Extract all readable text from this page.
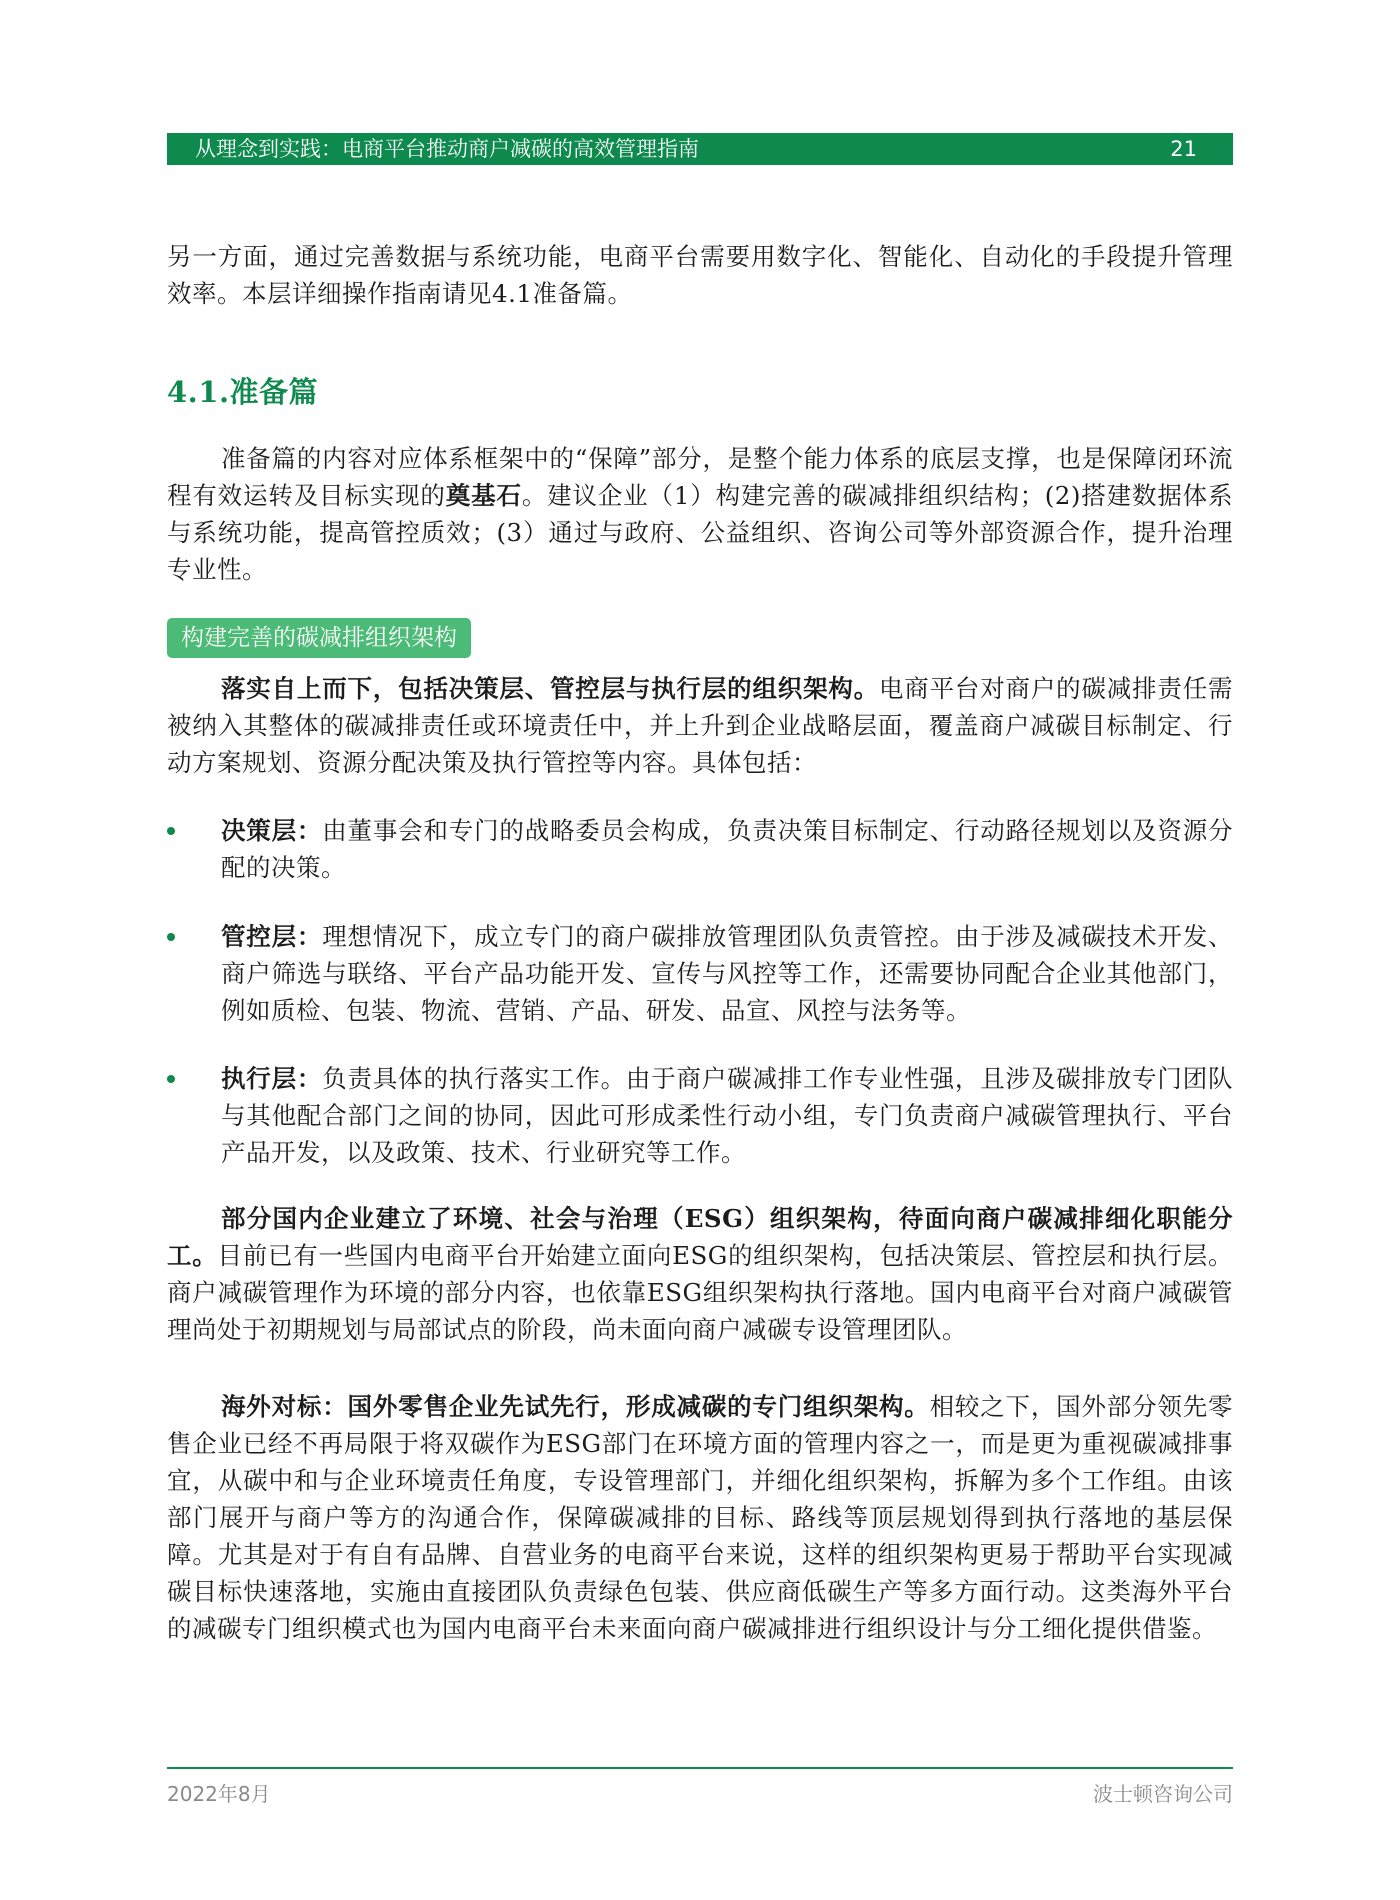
从理念到实践：电商平台推动商户减碳的高效管理指南	21

另一方面，通过完善数据与系统功能，电商平台需要用数字化、智能化、自动化的手段提升管理效率。本层详细操作指南请见4.1准备篇。

4.1.准备篇

准备篇的内容对应体系框架中的“保障”部分，是整个能力体系的底层支撑，也是保障闭环流程有效运转及目标实现的奠基石。建议企业（1）构建完善的碳减排组织结构；(2)搭建数据体系与系统功能，提高管控质效；(3）通过与政府、公益组织、咨询公司等外部资源合作，提升治理专业性。

构建完善的碳减排组织架构

落实自上而下，包括决策层、管控层与执行层的组织架构。电商平台对商户的碳减排责任需被纳入其整体的碳减排责任或环境责任中，并上升到企业战略层面，覆盖商户减碳目标制定、行动方案规划、资源分配决策及执行管控等内容。具体包括：

决策层：由董事会和专门的战略委员会构成，负责决策目标制定、行动路径规划以及资源分配的决策。

管控层：理想情况下，成立专门的商户碳排放管理团队负责管控。由于涉及减碳技术开发、商户筛选与联络、平台产品功能开发、宣传与风控等工作，还需要协同配合企业其他部门，例如质检、包装、物流、营销、产品、研发、品宣、风控与法务等。

执行层：负责具体的执行落实工作。由于商户碳减排工作专业性强，且涉及碳排放专门团队与其他配合部门之间的协同，因此可形成柔性行动小组，专门负责商户减碳管理执行、平台产品开发，以及政策、技术、行业研究等工作。

部分国内企业建立了环境、社会与治理（ESG）组织架构，待面向商户碳减排细化职能分工。目前已有一些国内电商平台开始建立面向ESG的组织架构，包括决策层、管控层和执行层。商户减碳管理作为环境的部分内容，也依靠ESG组织架构执行落地。国内电商平台对商户减碳管理尚处于初期规划与局部试点的阶段，尚未面向商户减碳专设管理团队。

海外对标：国外零售企业先试先行，形成减碳的专门组织架构。相较之下，国外部分领先零售企业已经不再局限于将双碳作为ESG部门在环境方面的管理内容之一，而是更为重视碳减排事宜，从碳中和与企业环境责任角度，专设管理部门，并细化组织架构，拆解为多个工作组。由该部门展开与商户等方的沟通合作，保障碳减排的目标、路线等顶层规划得到执行落地的基层保障。尤其是对于有自有品牌、自营业务的电商平台来说，这样的组织架构更易于帮助平台实现减碳目标快速落地，实施由直接团队负责绿色包装、供应商低碳生产等多方面行动。这类海外平台的减碳专门组织模式也为国内电商平台未来面向商户碳减排进行组织设计与分工细化提供借鉴。

2022年8月	波士顿咨询公司
